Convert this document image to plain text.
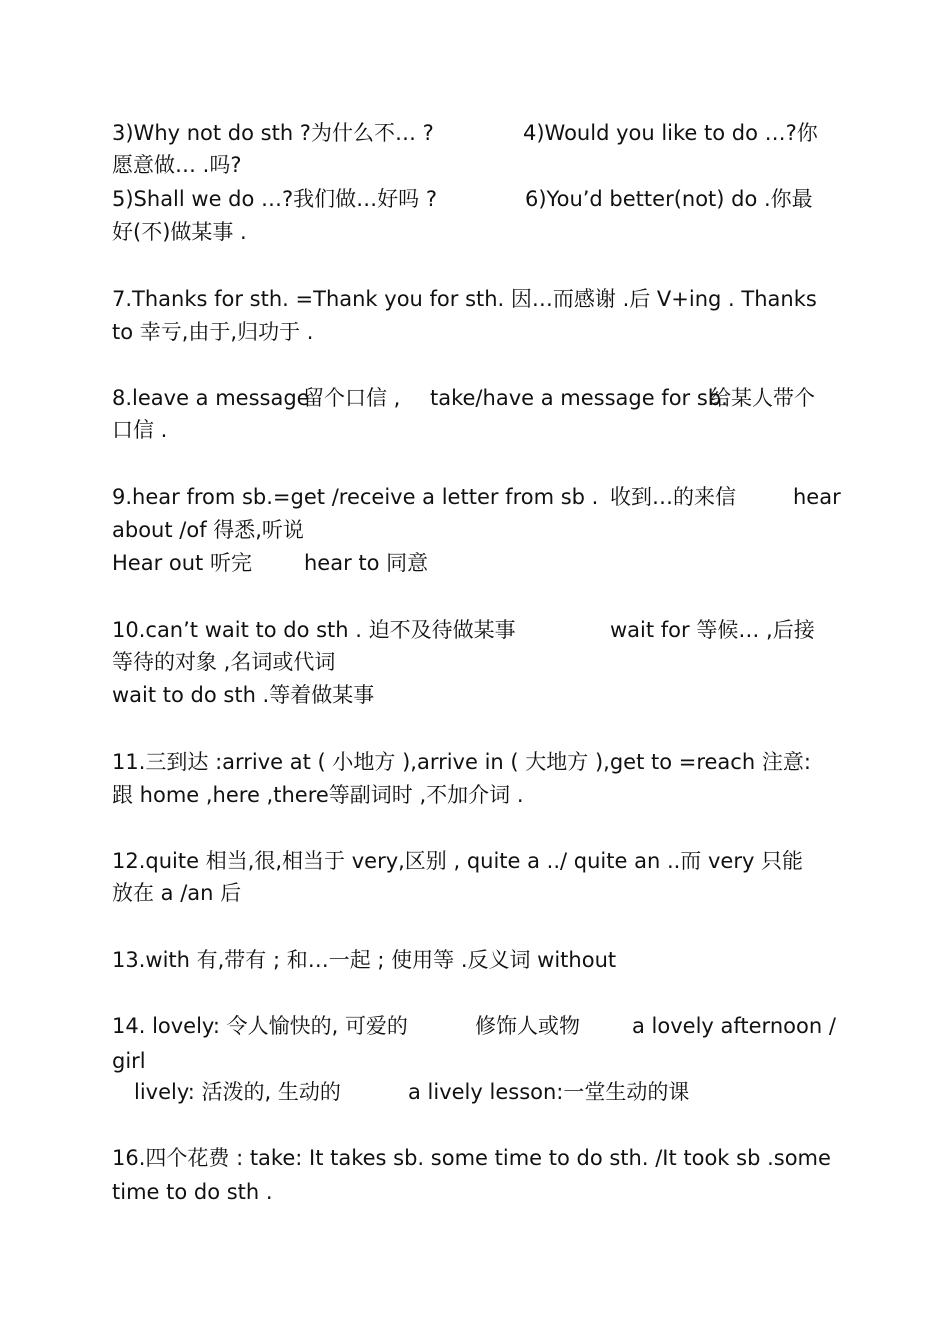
3)Why not do sth ?为什么不… ?	4)Would you like to do …?你
愿意做… .吗?
5)Shall we do …?我们做…好吗 ?	6)You’d better(not) do .你最
好(不)做某事 .
7.Thanks for sth. =Thank you for sth. 因…而感谢 .后 V+ing . Thanks
to 幸亏,由于,归功于 .
8.leave a message
留个口信 , take/have a message for sb.
给某人带个
口信 .
9.hear from sb.=get /receive a letter from sb . 收到…的来信	hear
about /of 得悉,听说
Hear out 听完 hear to 同意
10.can’t wait to do sth . 迫不及待做某事	wait for 等候… ,后接
等待的对象 ,名词或代词
wait to do sth .等着做某事
11.三到达 :arrive at ( 小地方 ),arrive in ( 大地方 ),get to =reach 注意:
跟 home ,here ,there等副词时 ,不加介词 .
12.quite 相当,很,相当于 very,区别 , quite a ../ quite an ..而 very 只能
放在 a /an 后
13.with 有,带有 ; 和…一起 ; 使用等 .反义词 without
14. lovely: 令人愉快的, 可爱的	修饰人或物 a lovely afternoon /
girl
lively: 活泼的, 生动的	a lively lesson:一堂生动的课
16.四个花费 : take: It takes sb. some time to do sth. /It took sb .some
time to do sth .
